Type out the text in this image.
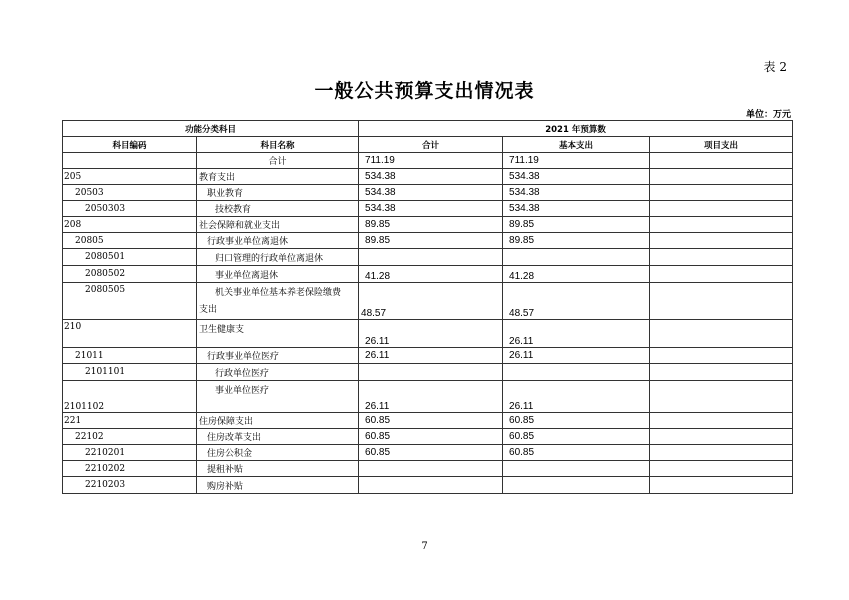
表 2
一般公共预算支出情况表
单位：万元
功能分类科目		2021 年预算数		
科目编码	科目名称	合计	基本支出	项目支出
	合计	711.19	711.19	
205	教育支出	534.38	534.38	
20503	职业教育	534.38	534.38	
2050303	技校教育	534.38	534.38	
208	社会保障和就业支出	89.85	89.85	
20805	行政事业单位离退休	89.85	89.85	
2080501	归口管理的行政单位离退休			
2080502	事业单位离退休	41.28	41.28	
2080505	机关事业单位基本养老保险缴费
支出	48.57	48.57	
210	卫生健康支	26.11	26.11	
21011	行政事业单位医疗	26.11	26.11	
2101101	行政单位医疗			
2101102	事业单位医疗	26.11	26.11	
221	住房保障支出	60.85	60.85	
22102	住房改革支出	60.85	60.85	
2210201	住房公积金	60.85	60.85	
2210202	提租补贴			
2210203	购房补贴			
7
